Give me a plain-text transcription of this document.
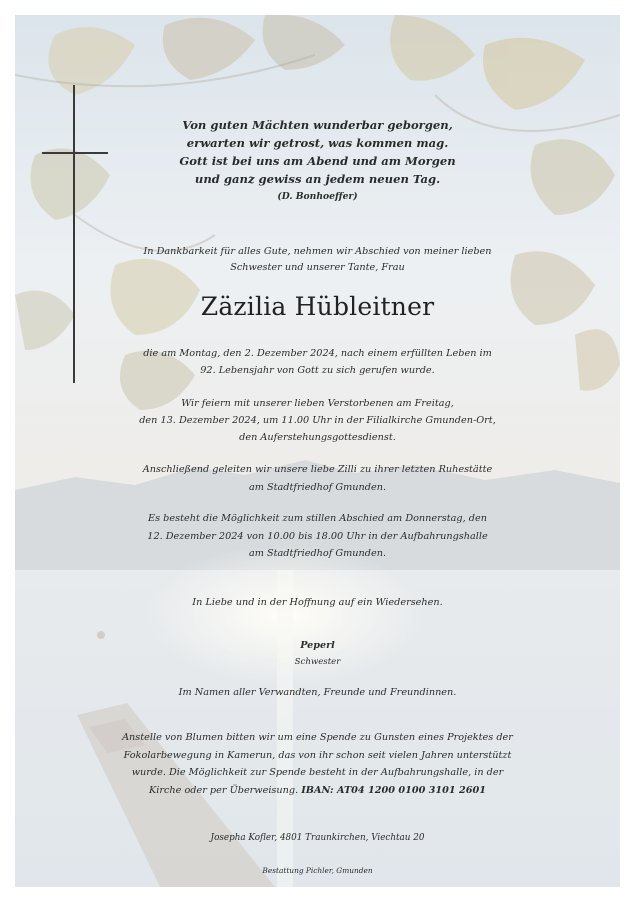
Von guten Mächten wunderbar geborgen,
erwarten wir getrost, was kommen mag.
Gott ist bei uns am Abend und am Morgen
und ganz gewiss an jedem neuen Tag.
(D. Bonhoeffer)
In Dankbarkeit für alles Gute, nehmen wir Abschied von meiner lieben
Schwester und unserer Tante, Frau
Zäzilia Hübleitner
die am Montag, den 2. Dezember 2024, nach einem erfüllten Leben im
92. Lebensjahr von Gott zu sich gerufen wurde.
Wir feiern mit unserer lieben Verstorbenen am Freitag,
den 13. Dezember 2024, um 11.00 Uhr in der Filialkirche Gmunden-Ort,
den Auferstehungsgottesdienst.
Anschließend geleiten wir unsere liebe Zilli zu ihrer letzten Ruhestätte
am Stadtfriedhof Gmunden.
Es besteht die Möglichkeit zum stillen Abschied am Donnerstag, den
12. Dezember 2024 von 10.00 bis 18.00 Uhr in der Aufbahrungshalle
am Stadtfriedhof Gmunden.
In Liebe und in der Hoffnung auf ein Wiedersehen.
Peperl
Schwester
Im Namen aller Verwandten, Freunde und Freundinnen.
Anstelle von Blumen bitten wir um eine Spende zu Gunsten eines Projektes der
Fokolarbewegung in Kamerun, das von ihr schon seit vielen Jahren unterstützt
wurde. Die Möglichkeit zur Spende besteht in der Aufbahrungshalle, in der
Kirche oder per Überweisung. IBAN: AT04 1200 0100 3101 2601
Josepha Kofler, 4801 Traunkirchen, Viechtau 20
Bestattung Pichler, Gmunden
